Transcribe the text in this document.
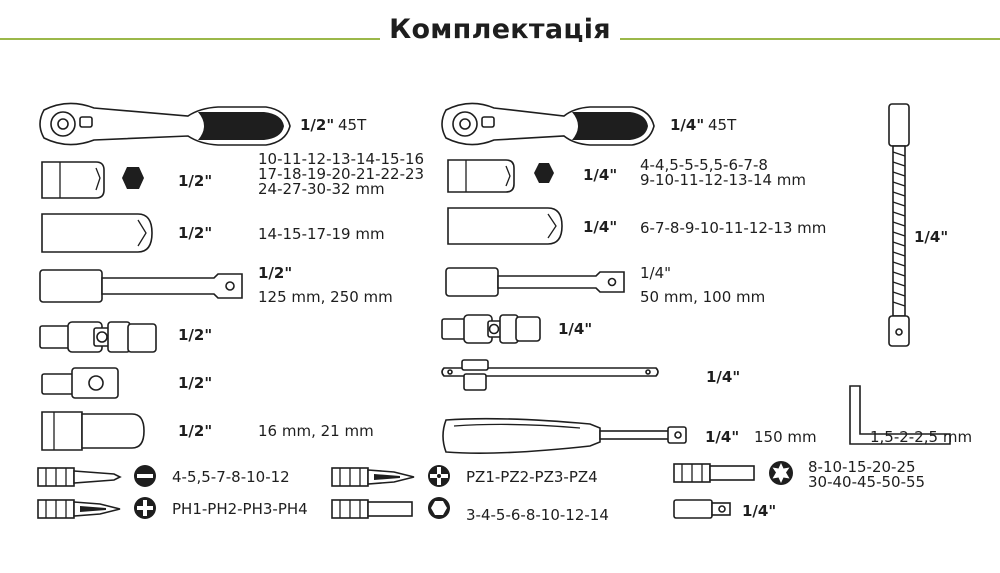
Комплектація
1/2" 45T
1/2"
10-11-12-13-14-15-16
17-18-19-20-21-22-23
24-27-30-32 mm
1/2"	14-15-17-19 mm
1/2"
125 mm, 250 mm
1/2"
1/2"
1/2"	16 mm, 21 mm
1/4" 45T
1/4"
4-4,5-5-5,5-6-7-8
9-10-11-12-13-14 mm
1/4" 6-7-8-9-10-11-12-13 mm
1/4"
50 mm, 100 mm
1/4"
1/4"
1/4" 150 mm
1/4"
1,5-2-2,5 mm
4-5,5-7-8-10-12
PH1-PH2-PH3-PH4
PZ1-PZ2-PZ3-PZ4
3-4-5-6-8-10-12-14
8-10-15-20-25
30-40-45-50-55
1/4"
